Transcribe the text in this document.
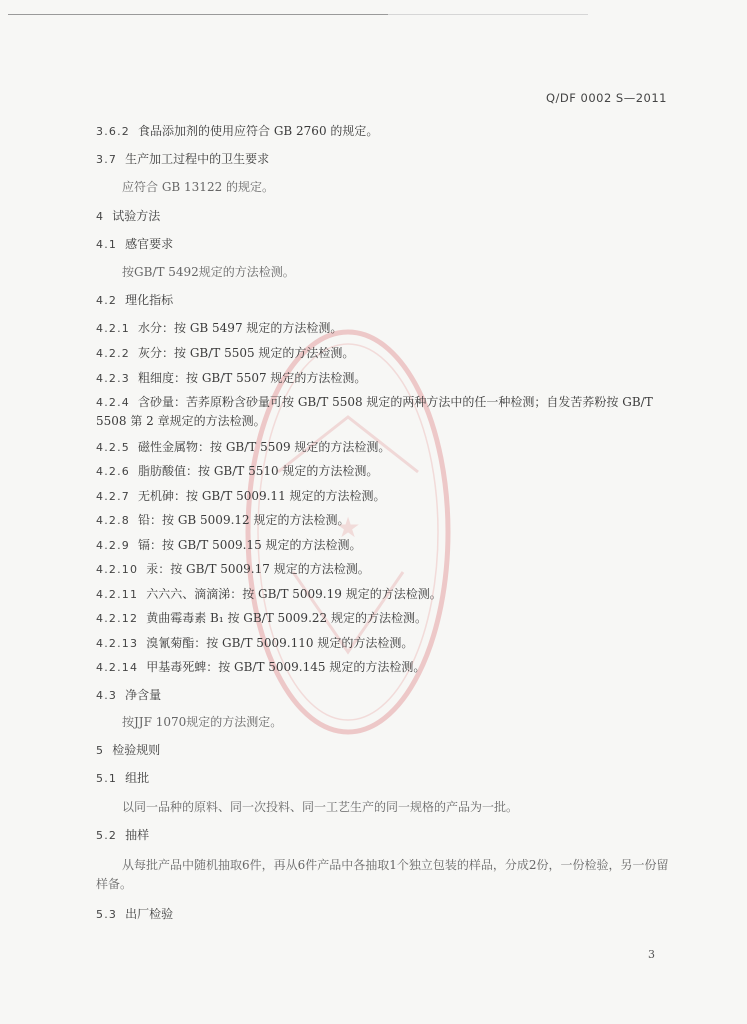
Q/DF 0002 S—2011
★
3.6.2 食品添加剂的使用应符合 GB 2760 的规定。
3.7 生产加工过程中的卫生要求
应符合 GB 13122 的规定。
4 试验方法
4.1 感官要求
按GB/T 5492规定的方法检测。
4.2 理化指标
4.2.1 水分：按 GB 5497 规定的方法检测。
4.2.2 灰分：按 GB/T 5505 规定的方法检测。
4.2.3 粗细度：按 GB/T 5507 规定的方法检测。
4.2.4 含砂量：苦荞原粉含砂量可按 GB/T 5508 规定的两种方法中的任一种检测；自发苦荞粉按 GB/T 5508 第 2 章规定的方法检测。
4.2.5 磁性金属物：按 GB/T 5509 规定的方法检测。
4.2.6 脂肪酸值：按 GB/T 5510 规定的方法检测。
4.2.7 无机砷：按 GB/T 5009.11 规定的方法检测。
4.2.8 铅：按 GB 5009.12 规定的方法检测。
4.2.9 镉：按 GB/T 5009.15 规定的方法检测。
4.2.10 汞：按 GB/T 5009.17 规定的方法检测。
4.2.11 六六六、滴滴涕：按 GB/T 5009.19 规定的方法检测。
4.2.12 黄曲霉毒素 B₁ 按 GB/T 5009.22 规定的方法检测。
4.2.13 溴氰菊酯：按 GB/T 5009.110 规定的方法检测。
4.2.14 甲基毒死蜱：按 GB/T 5009.145 规定的方法检测。
4.3 净含量
按JJF 1070规定的方法测定。
5 检验规则
5.1 组批
以同一品种的原料、同一次投料、同一工艺生产的同一规格的产品为一批。
5.2 抽样
从每批产品中随机抽取6件，再从6件产品中各抽取1个独立包装的样品，分成2份，一份检验，另一份留样备。
5.3 出厂检验
3
